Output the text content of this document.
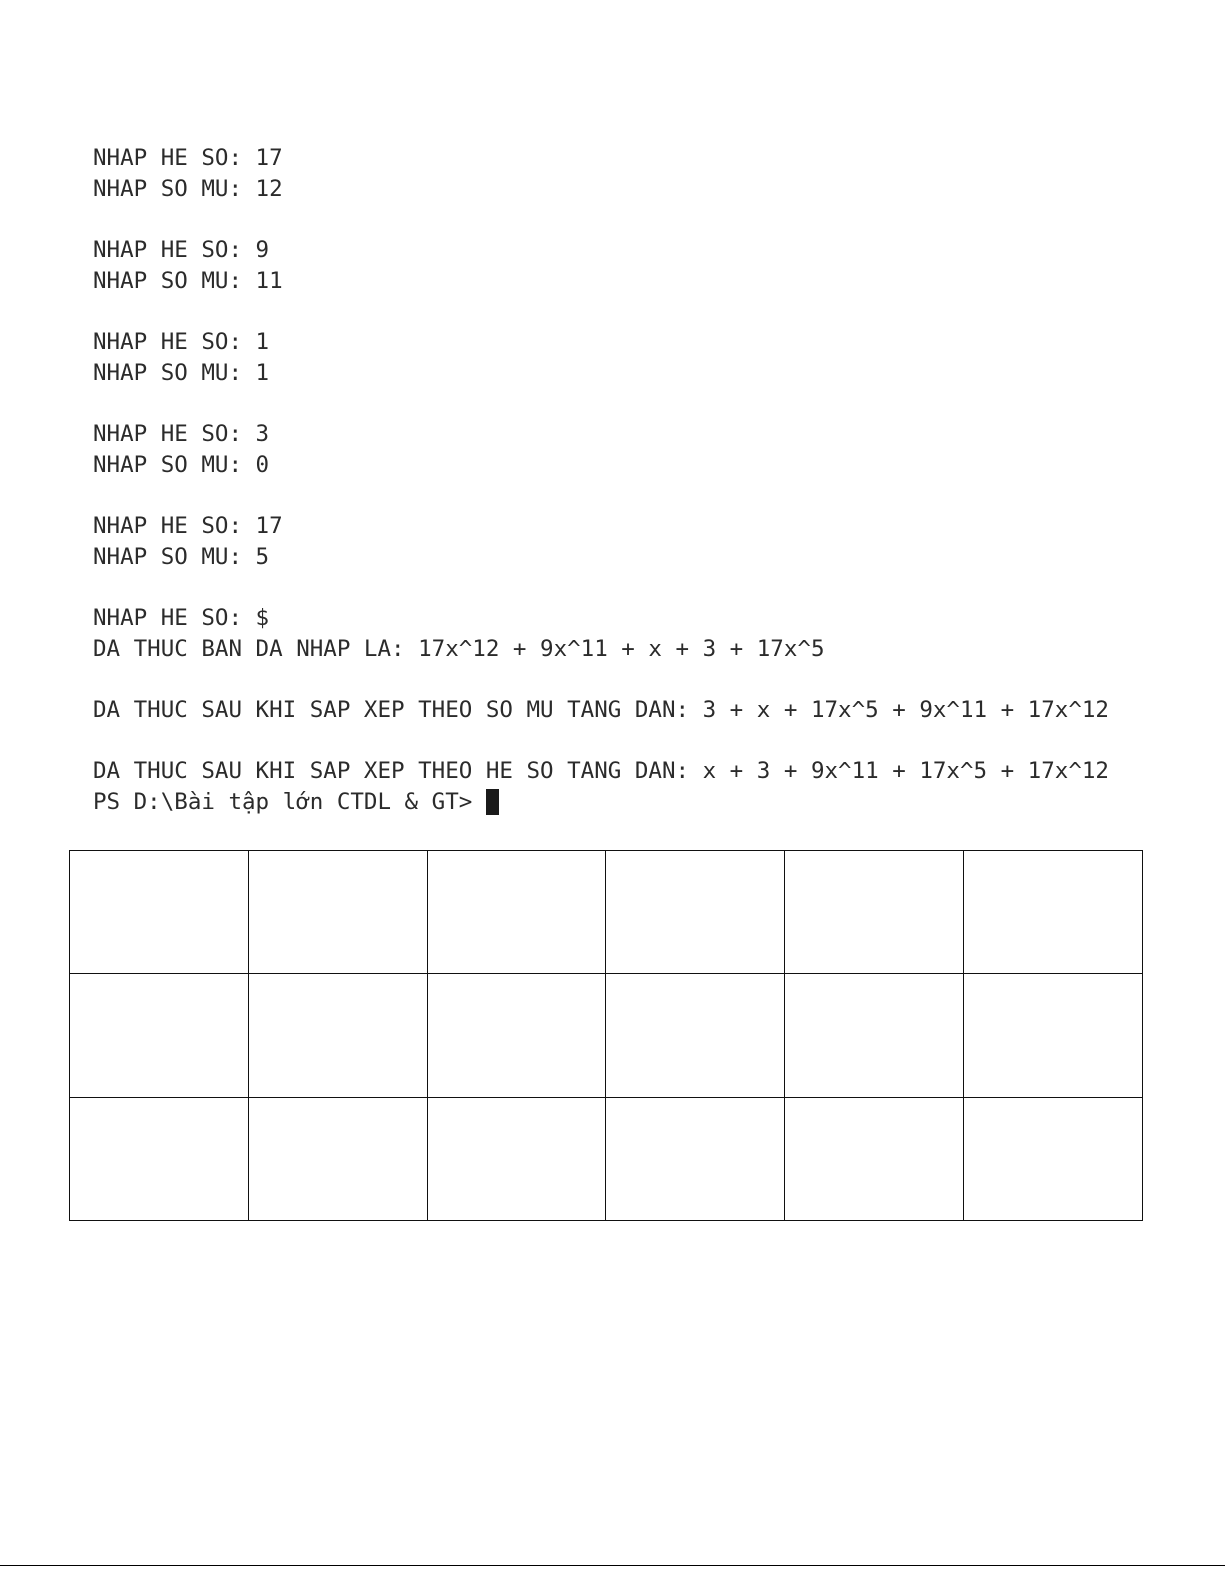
NHAP HE SO: 17
NHAP SO MU: 12
NHAP HE SO: 9
NHAP SO MU: 11
NHAP HE SO: 1
NHAP SO MU: 1
NHAP HE SO: 3
NHAP SO MU: 0
NHAP HE SO: 17
NHAP SO MU: 5
NHAP HE SO: $
DA THUC BAN DA NHAP LA: 17x^12 + 9x^11 + x + 3 + 17x^5
DA THUC SAU KHI SAP XEP THEO SO MU TANG DAN: 3 + x + 17x^5 + 9x^11 + 17x^12
DA THUC SAU KHI SAP XEP THEO HE SO TANG DAN: x + 3 + 9x^11 + 17x^5 + 17x^12
PS D:\Bài tập lớn CTDL & GT>
